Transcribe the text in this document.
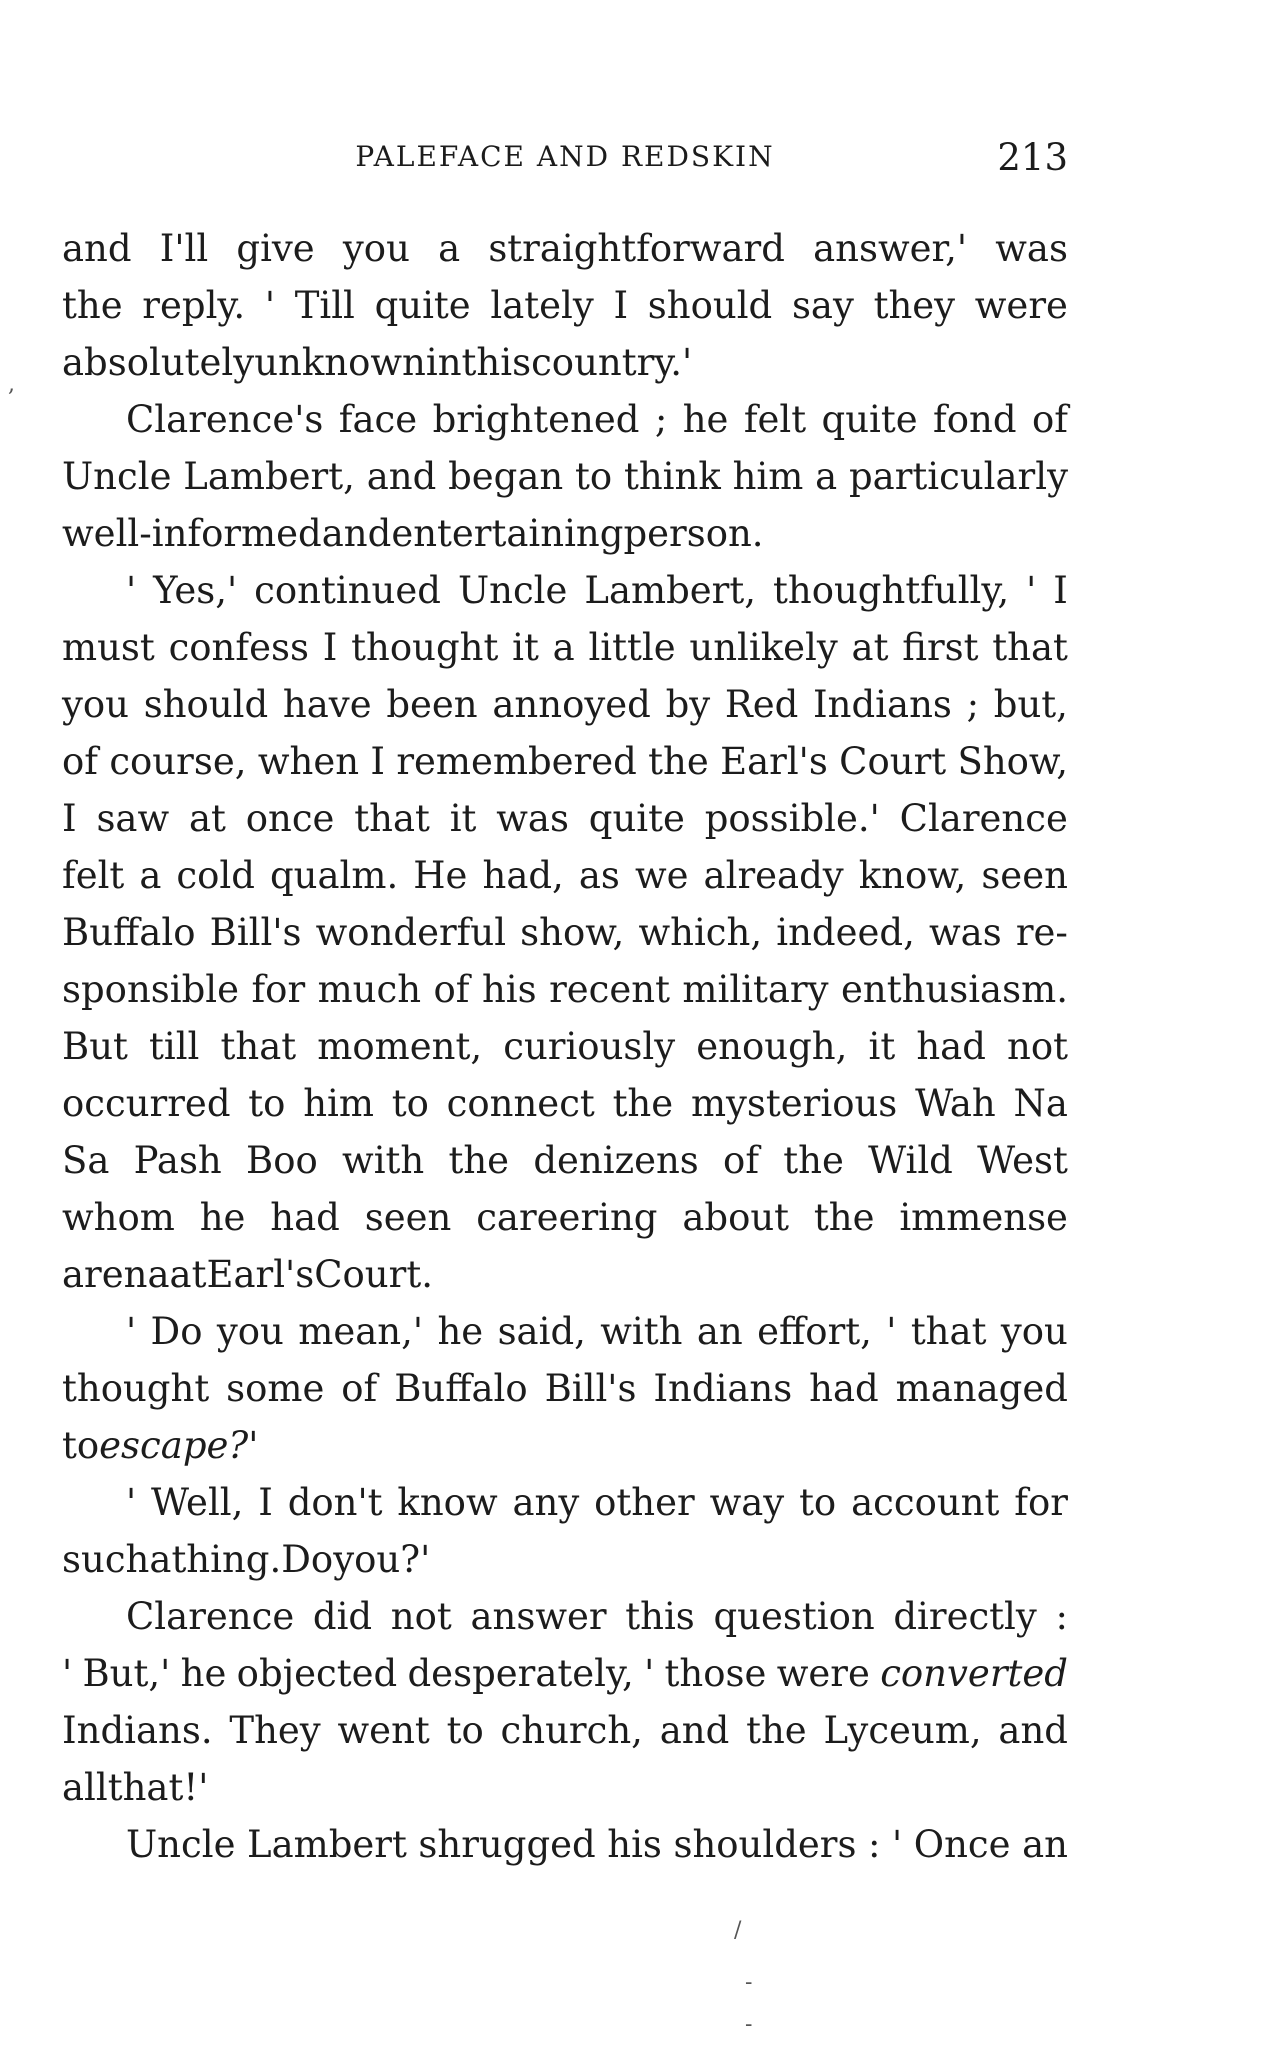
PALEFACE AND REDSKIN	213
and I'll give you a straightforward answer,' was
the reply. ' Till quite lately I should say they were
absolutely unknown in this country.'
Clarence's face brightened ; he felt quite fond of
Uncle Lambert, and began to think him a particularly
well-informed and entertaining person.
' Yes,' continued Uncle Lambert, thoughtfully, ' I
must confess I thought it a little unlikely at first that
you should have been annoyed by Red Indians ; but,
of course, when I remembered the Earl's Court Show,
I saw at once that it was quite possible.' Clarence
felt a cold qualm. He had, as we already know, seen
Buffalo Bill's wonderful show, which, indeed, was re-
sponsible for much of his recent military enthusiasm.
But till that moment, curiously enough, it had not
occurred to him to connect the mysterious Wah Na
Sa Pash Boo with the denizens of the Wild West
whom he had seen careering about the immense
arena at Earl's Court.
' Do you mean,' he said, with an effort, ' that you
thought some of Buffalo Bill's Indians had managed
to escape ? '
' Well, I don't know any other way to account for
such a thing. Do you ? '
Clarence did not answer this question directly :
' But,' he objected desperately, ' those were converted
Indians. They went to church, and the Lyceum, and
all that ! '
Uncle Lambert shrugged his shoulders : ' Once an
,
/
-
-
